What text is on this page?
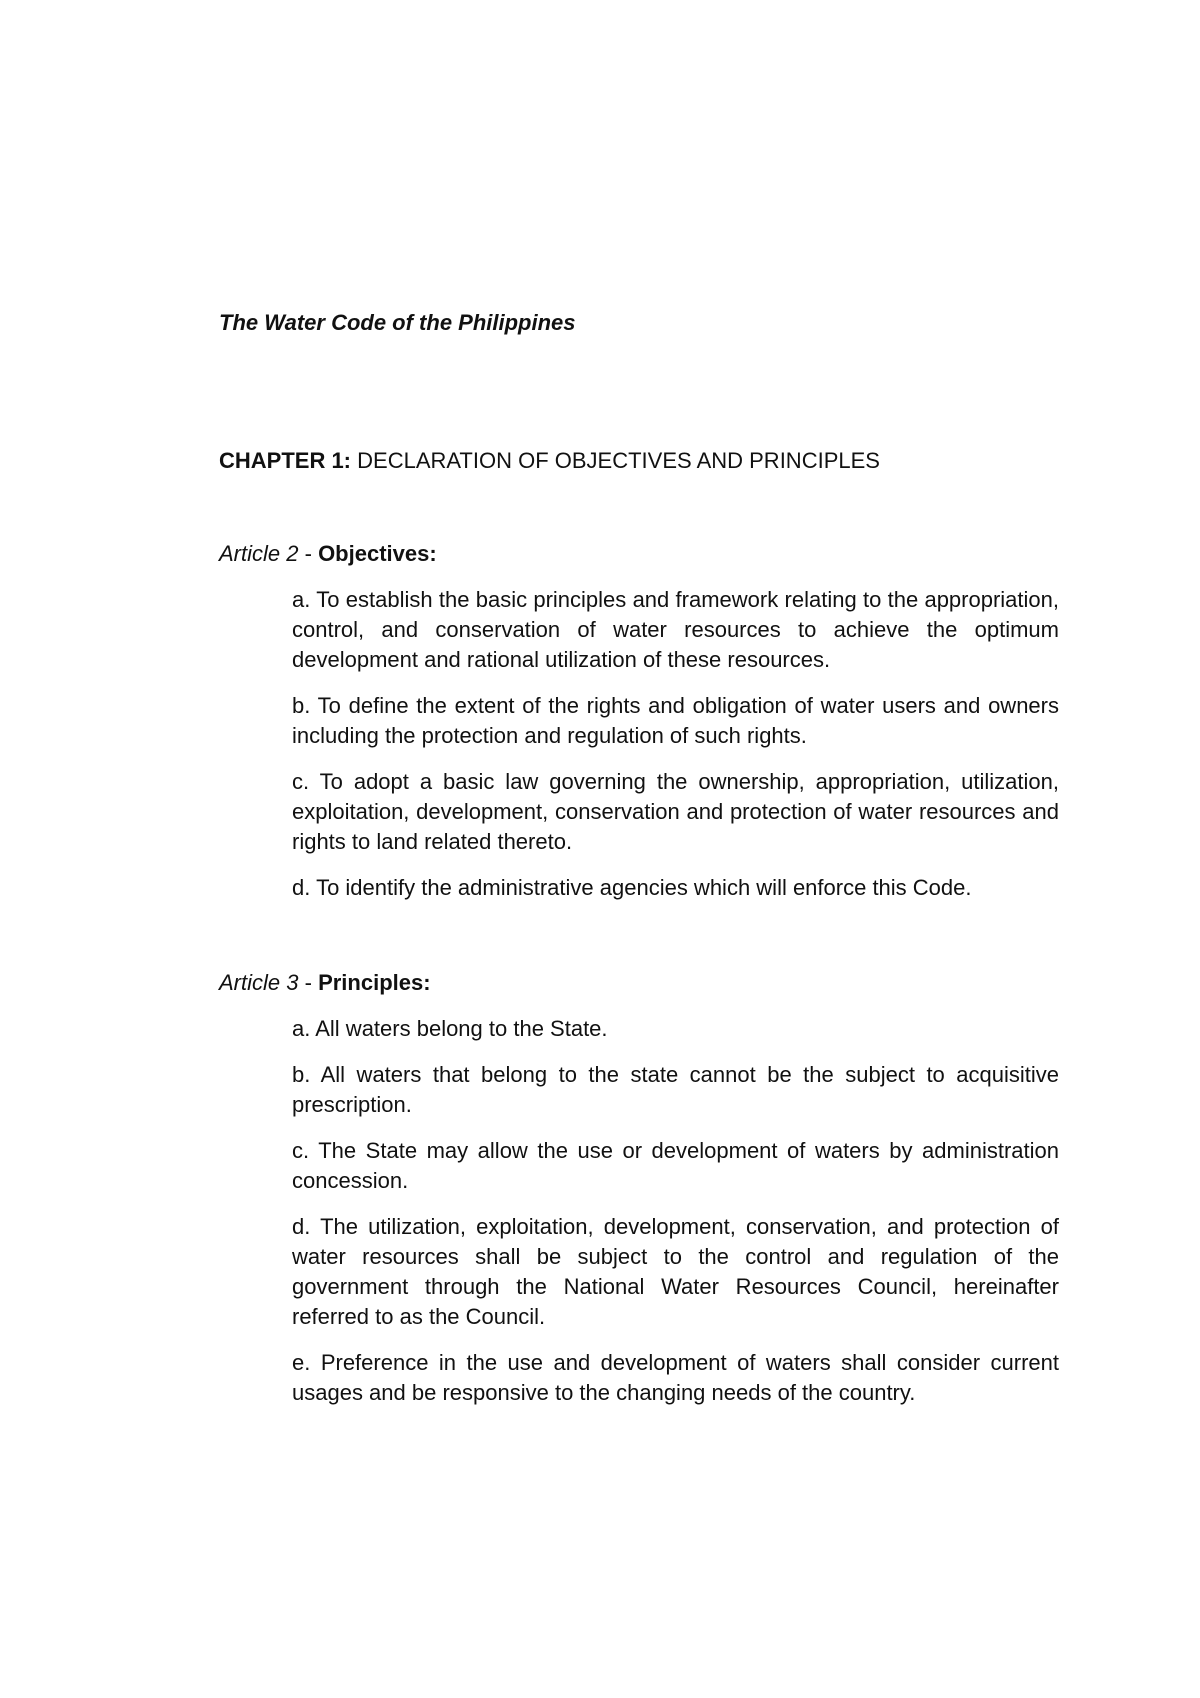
The Water Code of the Philippines

CHAPTER 1: DECLARATION OF OBJECTIVES AND PRINCIPLES

Article 2 - Objectives:

a. To establish the basic principles and framework relating to the appropriation, control, and conservation of water resources to achieve the optimum development and rational utilization of these resources.
b. To define the extent of the rights and obligation of water users and owners including the protection and regulation of such rights.
c. To adopt a basic law governing the ownership, appropriation, utilization, exploitation, development, conservation and protection of water resources and rights to land related thereto.
d. To identify the administrative agencies which will enforce this Code.

Article 3 - Principles:

a. All waters belong to the State.
b. All waters that belong to the state cannot be the subject to acquisitive prescription.
c. The State may allow the use or development of waters by administration concession.
d. The utilization, exploitation, development, conservation, and protection of water resources shall be subject to the control and regulation of the government through the National Water Resources Council, hereinafter referred to as the Council.
e. Preference in the use and development of waters shall consider current usages and be responsive to the changing needs of the country.
